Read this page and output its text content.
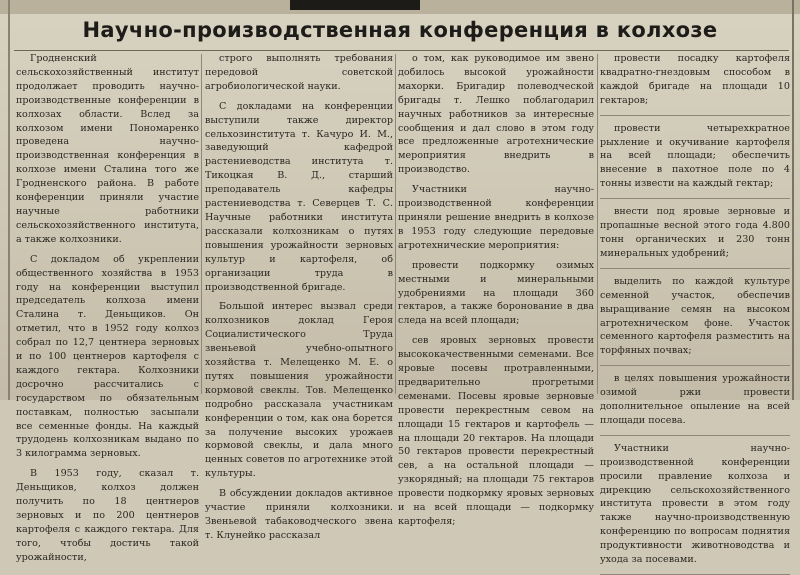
Научно-производственная конференция в колхозе

Гродненский сельскохозяйственный институт продолжает проводить научно-производственные конференции в колхозах области. Вслед за колхозом имени Пономаренко проведена научно-производственная конференция в колхозе имени Сталина того же Гродненского района. В работе конференции приняли участие научные работники сельскохозяйственного института, а также колхозники.

С докладом об укреплении общественного хозяйства в 1953 году на конференции выступил председатель колхоза имени Сталина т. Деньщиков. Он отметил, что в 1952 году колхоз собрал по 12,7 центнера зерновых и по 100 центнеров картофеля с каждого гектара. Колхозники досрочно рассчитались с государством по обязательным поставкам, полностью засыпали все семенные фонды. На каждый трудодень колхозникам выдано по 3 килограмма зерновых.

В 1953 году, сказал т. Деньщиков, колхоз должен получить по 18 центнеров зерновых и по 200 центнеров картофеля с каждого гектара. Для того, чтобы достичь такой урожайности,

строго выполнять требования передовой советской агробиологической науки.

С докладами на конференции выступили также директор сельхозинститута т. Качуро И. М., заведующий кафедрой растениеводства института т. Тикоцкая В. Д., старший преподаватель кафедры растениеводства т. Северцев Т. С. Научные работники института рассказали колхозникам о путях повышения урожайности зерновых культур и картофеля, об организации труда в производственной бригаде.

Большой интерес вызвал среди колхозников доклад Героя Социалистического Труда звеньевой учебно-опытного хозяйства т. Мелещенко М. Е. о путях повышения урожайности кормовой свеклы. Тов. Мелещенко подробно рассказала участникам конференции о том, как она борется за получение высоких урожаев кормовой свеклы, и дала много ценных советов по агротехнике этой культуры.

В обсуждении докладов активное участие приняли колхозники. Звеньевой табаководческого звена т. Клунейко рассказал

о том, как руководимое им звено добилось высокой урожайности махорки. Бригадир полеводческой бригады т. Лешко поблагодарил научных работников за интересные сообщения и дал слово в этом году все предложенные агротехнические мероприятия внедрить в производство.

Участники научно-производственной конференции приняли решение внедрить в колхозе в 1953 году следующие передовые агротехнические мероприятия:

провести подкормку озимых местными и минеральными удобрениями на площади 360 гектаров, а также боронование в два следа на всей площади;

сев яровых зерновых провести высококачественными семенами. Все яровые посевы протравленными, предварительно прогретыми семенами. Посевы яровые зерновые провести перекрестным севом на площади 15 гектаров и картофель — на площади 20 гектаров. На площади 50 гектаров провести перекрестный сев, а на остальной площади — узкорядный; на площади 75 гектаров провести подкормку яровых зерновых и на всей площади — подкормку картофеля;

провести посадку картофеля квадратно-гнездовым способом в каждой бригаде на площади 10 гектаров;

провести четырехкратное рыхление и окучивание картофеля на всей площади; обеспечить внесение в пахотное поле по 4 тонны извести на каждый гектар;

внести под яровые зерновые и пропашные весной этого года 4.800 тонн органических и 230 тонн минеральных удобрений;

выделить по каждой культуре семенной участок, обеспечив выращивание семян на высоком агротехническом фоне. Участок семенного картофеля разместить на торфяных почвах;

в целях повышения урожайности озимой ржи провести дополнительное опыление на всей площади посева.

Участники научно-производственной конференции просили правление колхоза и дирекцию сельскохозяйственного института провести в этом году также научно-производственную конференцию по вопросам поднятия продуктивности животноводства и ухода за посевами.
